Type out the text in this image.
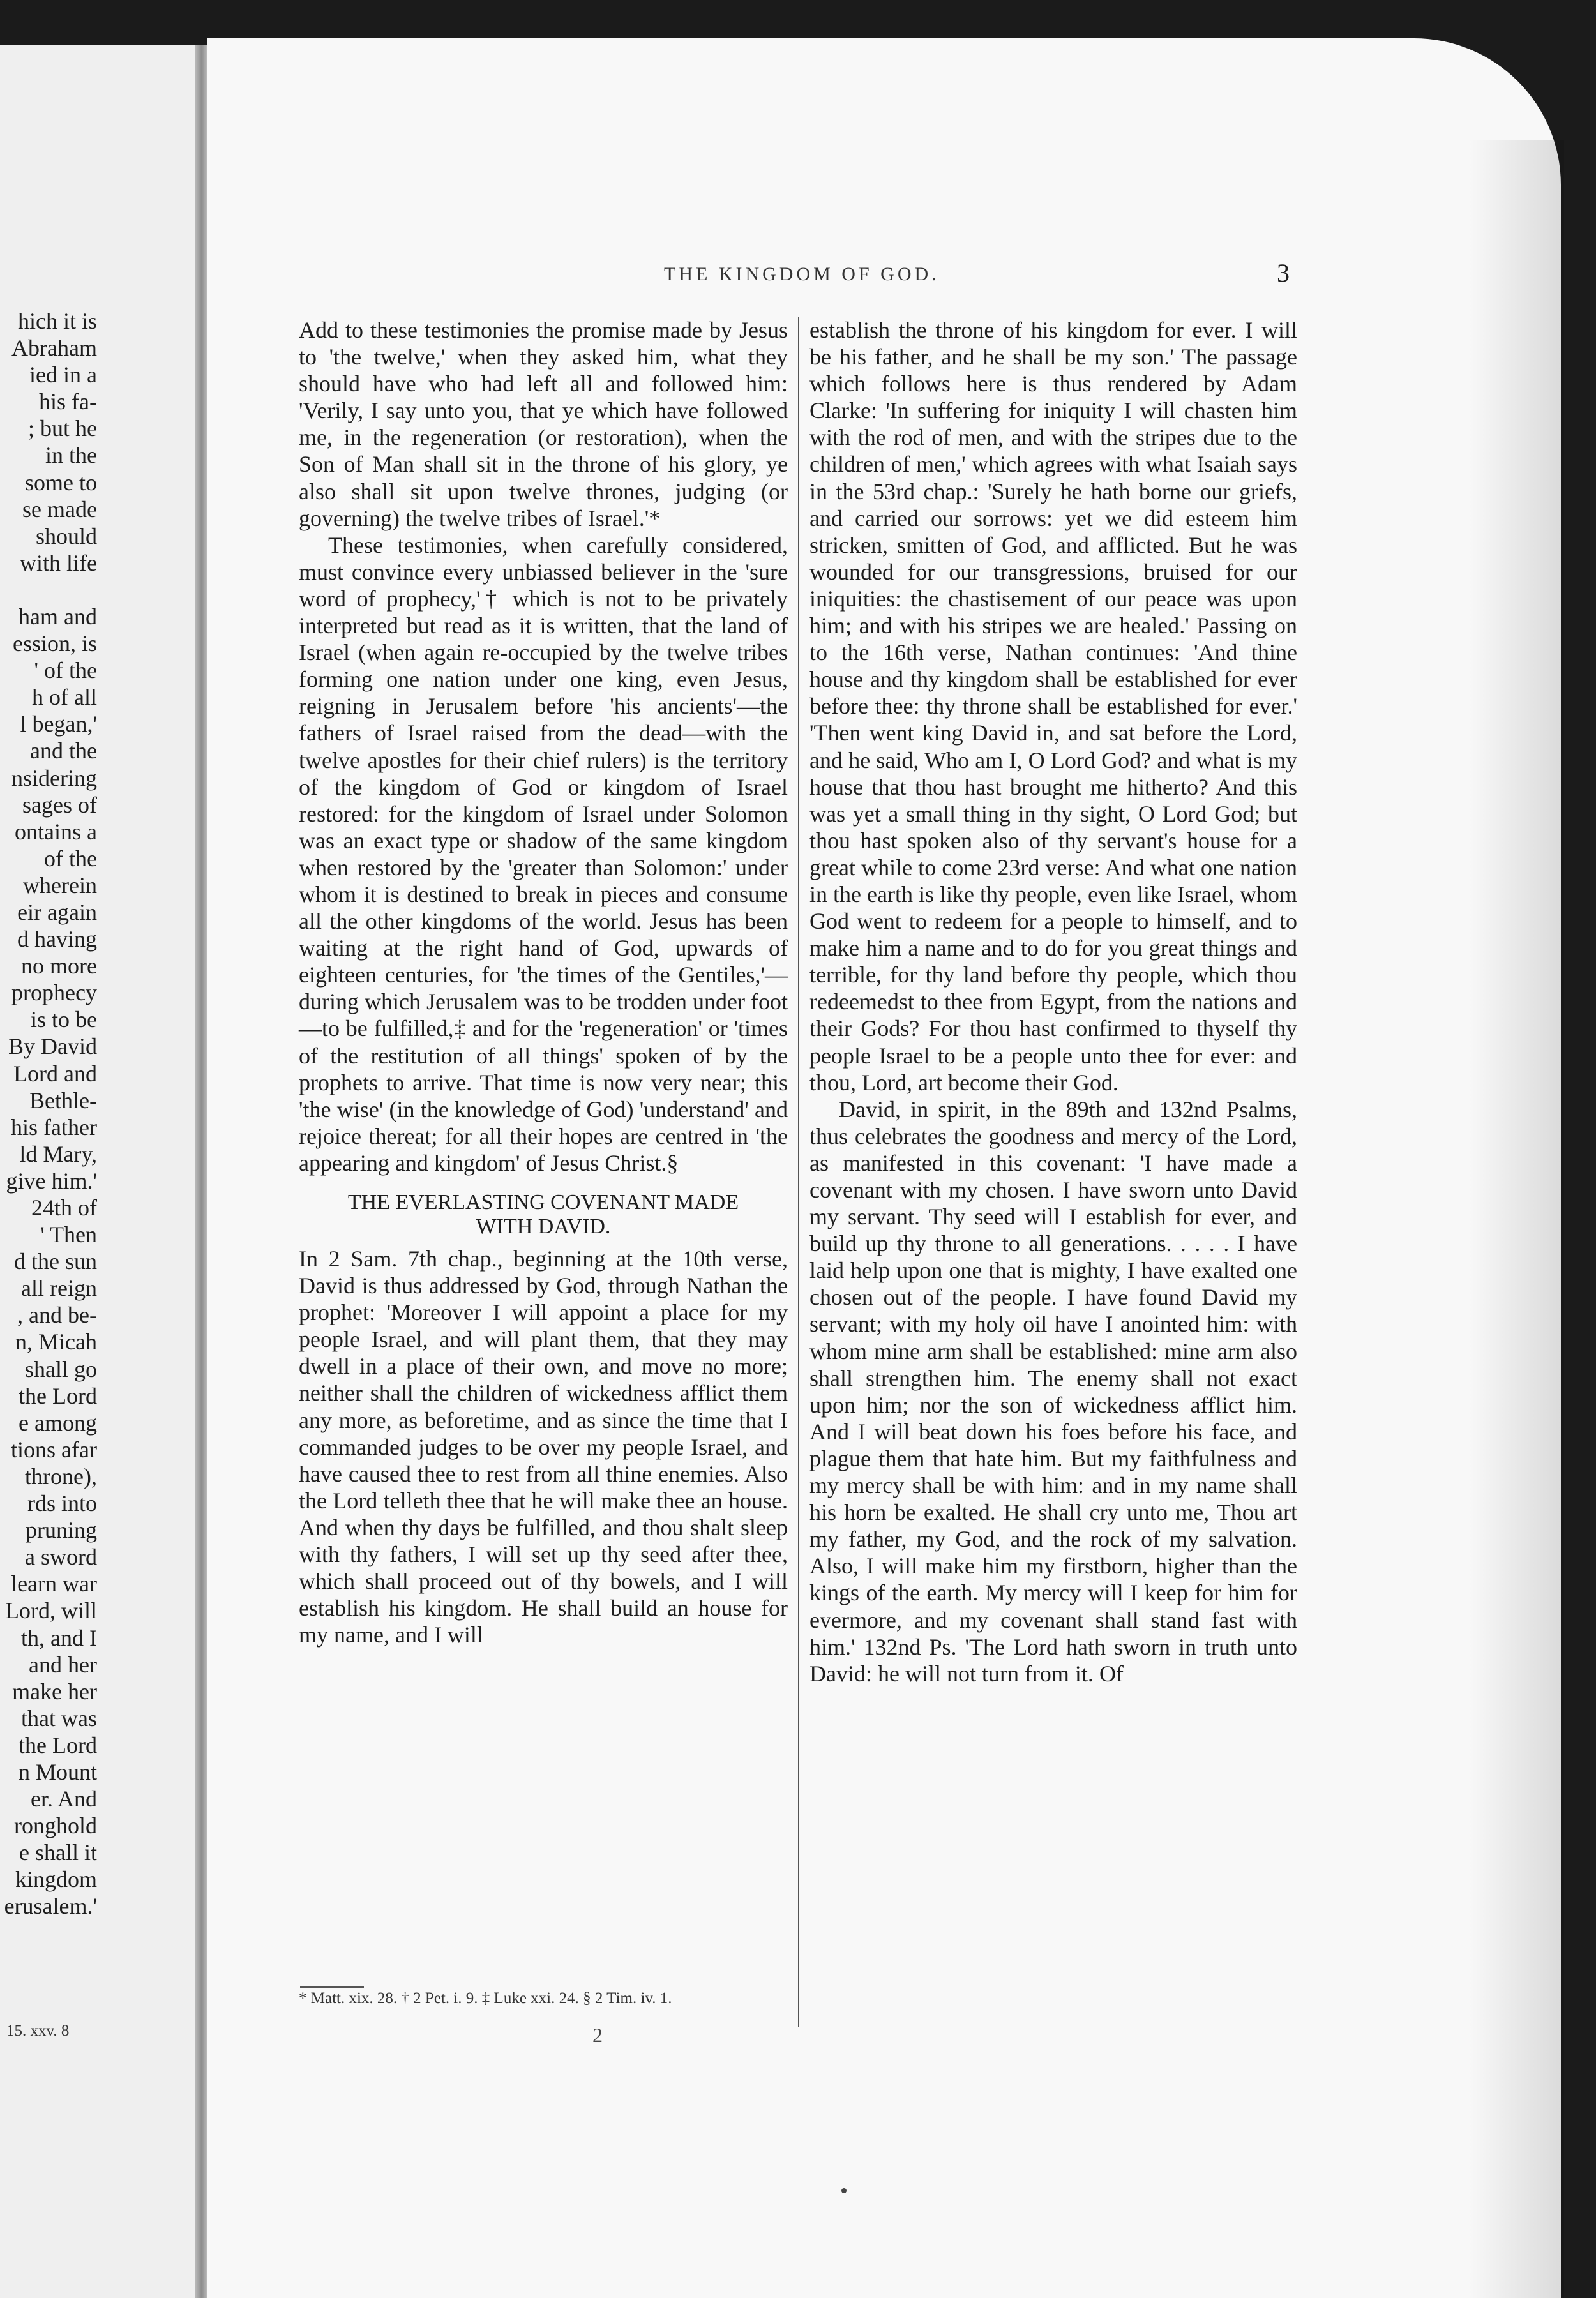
hich it is
Abraham
ied in a
his fa-
; but he
in the
some to
se made
should
with life
ham and
ession, is
' of the
h of all
l began,'
and the
nsidering
sages of
ontains a
of the
wherein
eir again
d having
no more
prophecy
is to be
By David
Lord and
Bethle-
his father
ld Mary,
give him.'
24th of
' Then
d the sun
all reign
, and be-
n, Micah
shall go
the Lord
e among
tions afar
throne),
rds into
pruning
a sword
learn war
Lord, will
th, and I
and her
make her
that was
the Lord
n Mount
er. And
ronghold
e shall it
kingdom
erusalem.'
15. xxv. 8
THE KINGDOM OF GOD.	3

Add to these testimonies the promise made by Jesus to 'the twelve,' when they asked him, what they should have who had left all and followed him: 'Verily, I say unto you, that ye which have followed me, in the regeneration (or restoration), when the Son of Man shall sit in the throne of his glory, ye also shall sit upon twelve thrones, judging (or governing) the twelve tribes of Israel.'*

These testimonies, when carefully considered, must convince every unbiassed believer in the 'sure word of prophecy,'† which is not to be privately interpreted but read as it is written, that the land of Israel (when again re-occupied by the twelve tribes forming one nation under one king, even Jesus, reigning in Jerusalem before 'his ancients'—the fathers of Israel raised from the dead—with the twelve apostles for their chief rulers) is the territory of the kingdom of God or kingdom of Israel restored: for the kingdom of Israel under Solomon was an exact type or shadow of the same kingdom when restored by the 'greater than Solomon:' under whom it is destined to break in pieces and consume all the other kingdoms of the world. Jesus has been waiting at the right hand of God, upwards of eighteen centuries, for 'the times of the Gentiles,'—during which Jerusalem was to be trodden under foot—to be fulfilled,‡ and for the 'regeneration' or 'times of the restitution of all things' spoken of by the prophets to arrive. That time is now very near; this 'the wise' (in the knowledge of God) 'understand' and rejoice thereat; for all their hopes are centred in 'the appearing and kingdom' of Jesus Christ.§

THE EVERLASTING COVENANT MADE
WITH DAVID.

In 2 Sam. 7th chap., beginning at the 10th verse, David is thus addressed by God, through Nathan the prophet: 'Moreover I will appoint a place for my people Israel, and will plant them, that they may dwell in a place of their own, and move no more; neither shall the children of wickedness afflict them any more, as beforetime, and as since the time that I commanded judges to be over my people Israel, and have caused thee to rest from all thine enemies. Also the Lord telleth thee that he will make thee an house. And when thy days be fulfilled, and thou shalt sleep with thy fathers, I will set up thy seed after thee, which shall proceed out of thy bowels, and I will establish his kingdom. He shall build an house for my name, and I will

establish the throne of his kingdom for ever. I will be his father, and he shall be my son.' The passage which follows here is thus rendered by Adam Clarke: 'In suffering for iniquity I will chasten him with the rod of men, and with the stripes due to the children of men,' which agrees with what Isaiah says in the 53rd chap.: 'Surely he hath borne our griefs, and carried our sorrows: yet we did esteem him stricken, smitten of God, and afflicted. But he was wounded for our transgressions, bruised for our iniquities: the chastisement of our peace was upon him; and with his stripes we are healed.' Passing on to the 16th verse, Nathan continues: 'And thine house and thy kingdom shall be established for ever before thee: thy throne shall be established for ever.' 'Then went king David in, and sat before the Lord, and he said, Who am I, O Lord God? and what is my house that thou hast brought me hitherto? And this was yet a small thing in thy sight, O Lord God; but thou hast spoken also of thy servant's house for a great while to come 23rd verse: And what one nation in the earth is like thy people, even like Israel, whom God went to redeem for a people to himself, and to make him a name and to do for you great things and terrible, for thy land before thy people, which thou redeemedst to thee from Egypt, from the nations and their Gods? For thou hast confirmed to thyself thy people Israel to be a people unto thee for ever: and thou, Lord, art become their God.

David, in spirit, in the 89th and 132nd Psalms, thus celebrates the goodness and mercy of the Lord, as manifested in this covenant: 'I have made a covenant with my chosen. I have sworn unto David my servant. Thy seed will I establish for ever, and build up thy throne to all generations. . . . . I have laid help upon one that is mighty, I have exalted one chosen out of the people. I have found David my servant; with my holy oil have I anointed him: with whom mine arm shall be established: mine arm also shall strengthen him. The enemy shall not exact upon him; nor the son of wickedness afflict him. And I will beat down his foes before his face, and plague them that hate him. But my faithfulness and my mercy shall be with him: and in my name shall his horn be exalted. He shall cry unto me, Thou art my father, my God, and the rock of my salvation. Also, I will make him my firstborn, higher than the kings of the earth. My mercy will I keep for him for evermore, and my covenant shall stand fast with him.' 132nd Ps. 'The Lord hath sworn in truth unto David: he will not turn from it. Of

* Matt. xix. 28. † 2 Pet. i. 9. ‡ Luke xxi. 24. § 2 Tim. iv. 1.
2
